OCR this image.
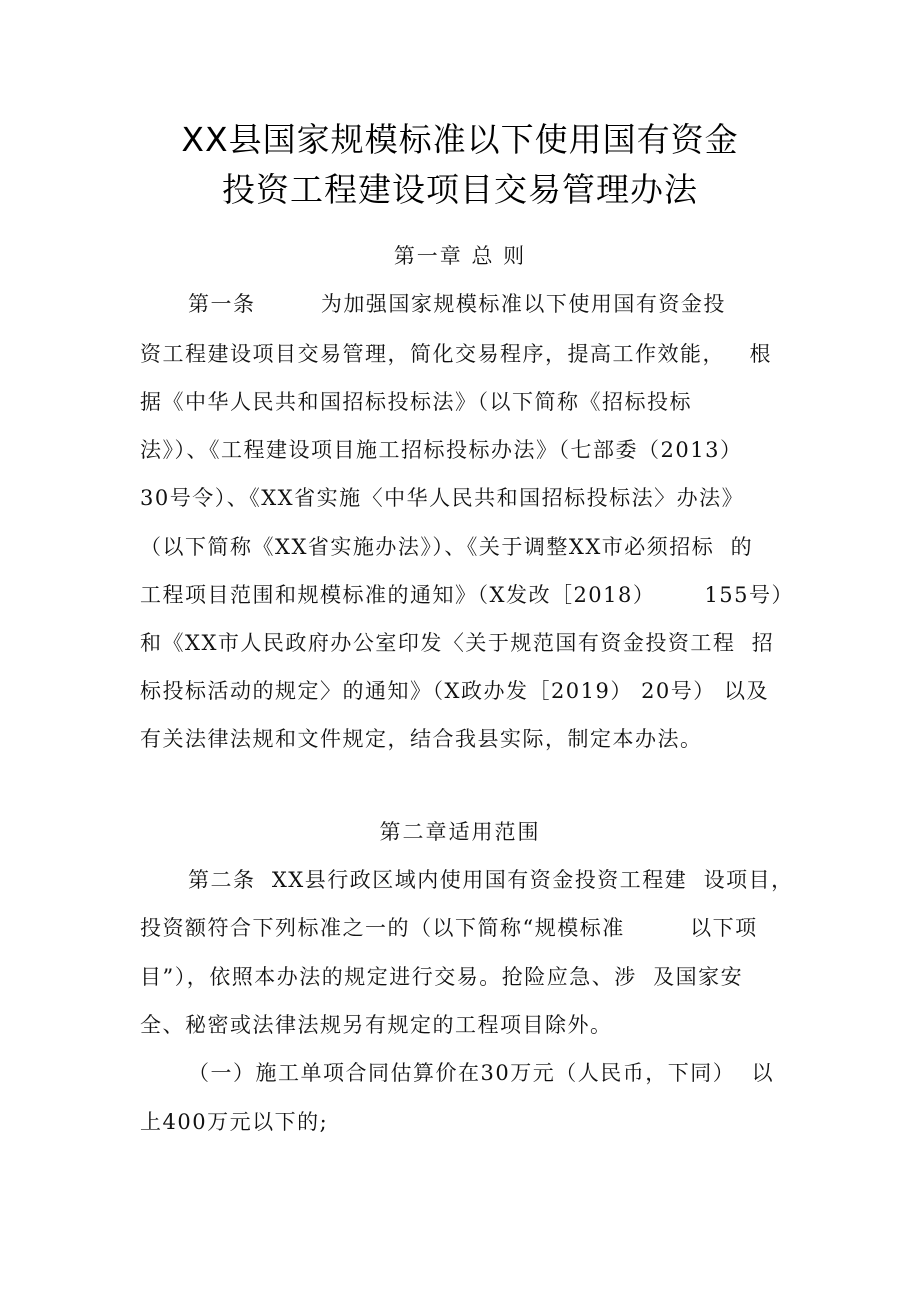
XX县国家规模标准以下使用国有资金
投资工程建设项目交易管理办法
第一章 总 则
第一条        为加强国家规模标准以下使用国有资金投
资工程建设项目交易管理，简化交易程序，提高工作效能，   根
据《中华人民共和国招标投标法》（以下简称《招标投标
法》）、《工程建设项目施工招标投标办法》（七部委（2013）
30号令）、《XX省实施〈中华人民共和国招标投标法〉办法》
（以下简称《XX省实施办法》）、《关于调整XX市必须招标  的
工程项目范围和规模标准的通知》（X发改［2018）      155号）
和《XX市人民政府办公室印发〈关于规范国有资金投资工程  招
标投标活动的规定〉的通知》（X政办发［2019） 20号） 以及
有关法律法规和文件规定，结合我县实际，制定本办法。
第二章适用范围
第二条  XX县行政区域内使用国有资金投资工程建  设项目，
投资额符合下列标准之一的（以下简称“规模标准        以下项
目”），依照本办法的规定进行交易。抢险应急、涉  及国家安
全、秘密或法律法规另有规定的工程项目除外。
（一）施工单项合同估算价在30万元（人民币，下同）  以
上400万元以下的;
